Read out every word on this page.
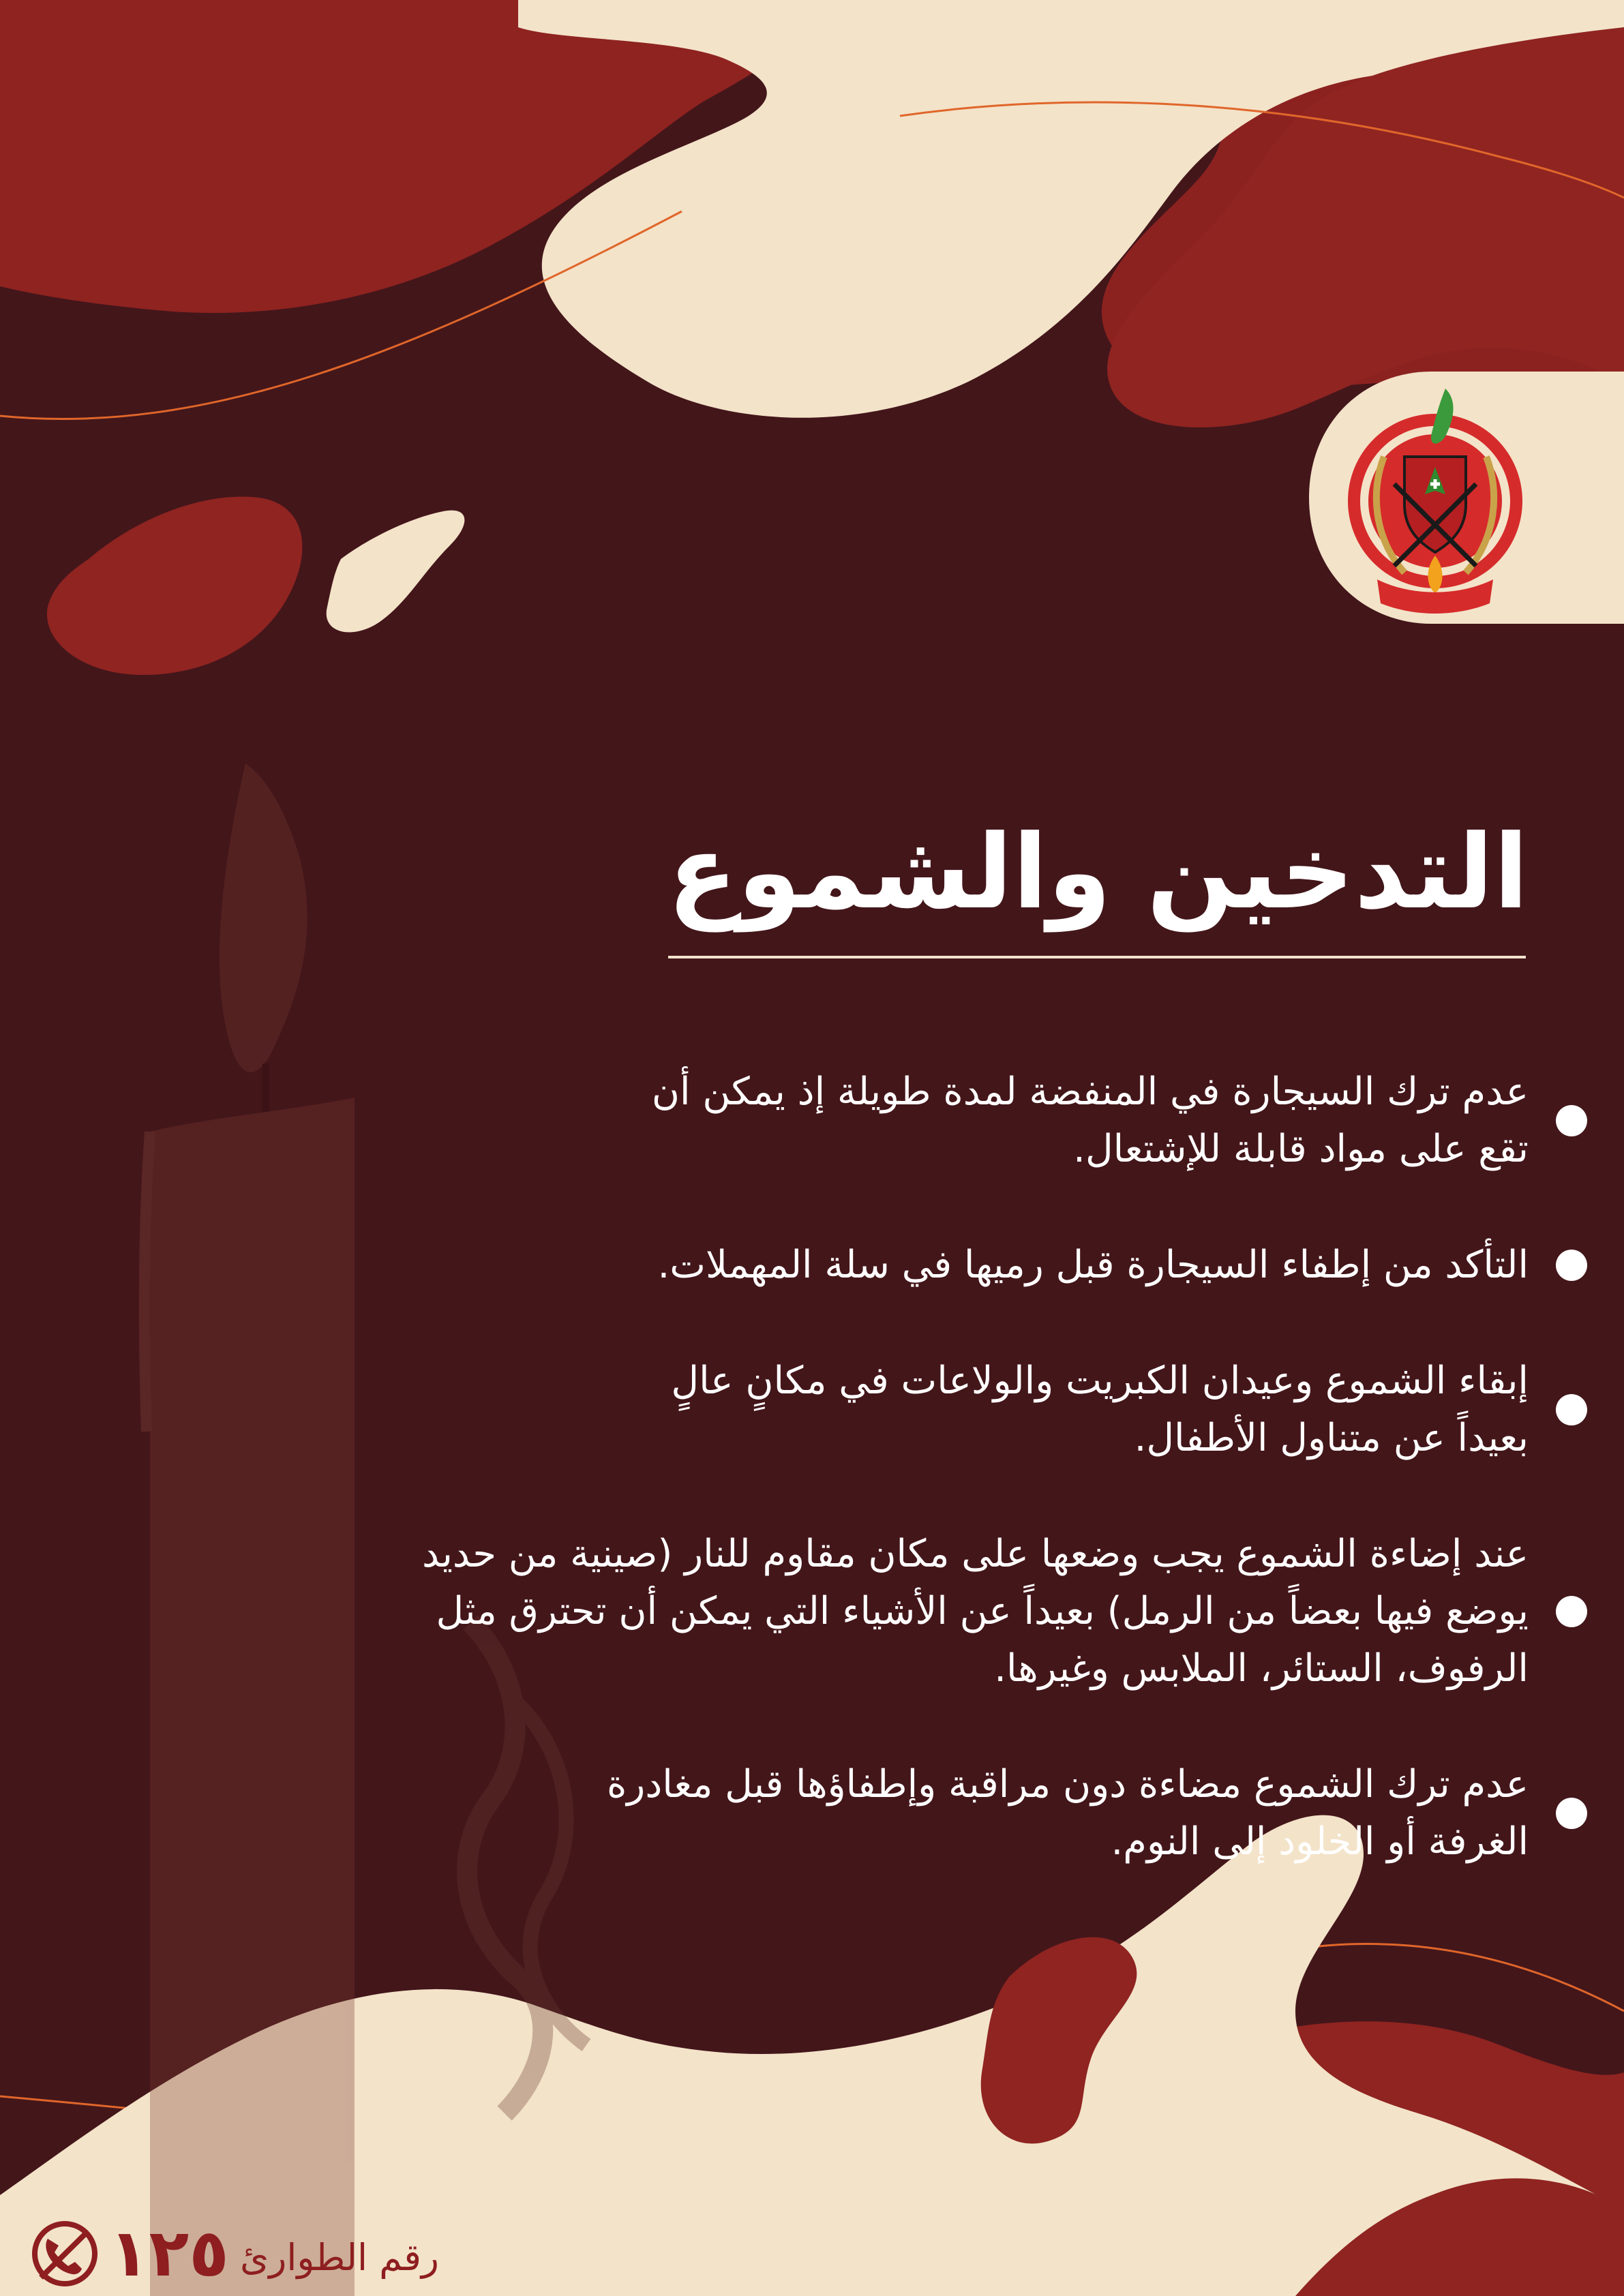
التدخين والشموع
عدم ترك السيجارة في المنفضة لمدة طويلة إذ يمكن أن
تقع على مواد قابلة للإشتعال.
التأكد من إطفاء السيجارة قبل رميها في سلة المهملات.
إبقاء الشموع وعيدان الكبريت والولاعات في مكانٍ عالٍ
بعيداً عن متناول الأطفال.
عند إضاءة الشموع يجب وضعها على مكان مقاوم للنار (صينية من حديد
يوضع فيها بعضاً من الرمل) بعيداً عن الأشياء التي يمكن أن تحترق مثل
الرفوف، الستائر، الملابس وغيرها.
عدم ترك الشموع مضاءة دون مراقبة وإطفاؤها قبل مغادرة
الغرفة أو الخلود إلى النوم.
١٢٥ رقم الطوارئ
